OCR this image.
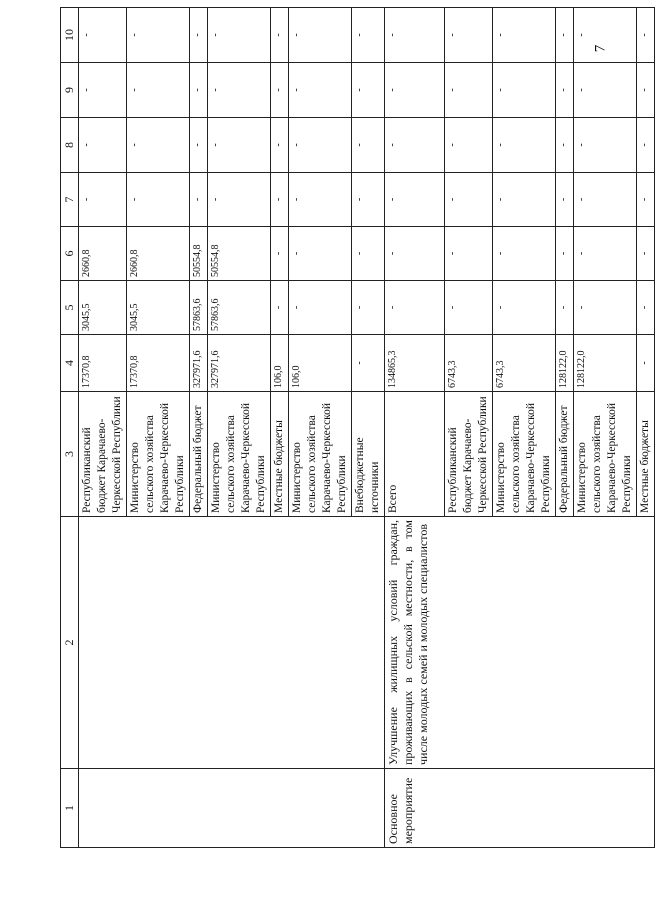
7
1	2	3	4	5	6	7	8	9	10
		Республиканский бюджет Карачаево-Черкесской Республики	17370,8	3045,5	2660,8	-	-	-	-
		Министерство сельского хозяйства Карачаево-Черкесской Республики	17370,8	3045,5	2660,8	-	-	-	-
		Федеральный бюджет	327971,6	57863,6	50554,8	-	-	-	-
		Министерство сельского хозяйства Карачаево-Черкесской Республики	327971,6	57863,6	50554,8	-	-	-	-
		Местные бюджеты	106,0	-	-	-	-	-	-
		Министерство сельского хозяйства Карачаево-Черкесской Республики	106,0	-	-	-	-	-	-
		Внебюджетные источники	-	-	-	-	-	-	-
Основное мероприятие	Улучшение жилищных условий граждан, проживающих в сельской местности, в том числе молодых семей и молодых специалистов	Всего	134865,3	-	-	-	-	-	-
		Республиканский бюджет Карачаево-Черкесской Республики	6743,3	-	-	-	-	-	-
		Министерство сельского хозяйства Карачаево-Черкесской Республики	6743,3	-	-	-	-	-	-
		Федеральный бюджет	128122,0	-	-	-	-	-	-
		Министерство сельского хозяйства Карачаево-Черкесской Республики	128122,0	-	-	-	-	-	-
		Местные бюджеты	-	-	-	-	-	-	-
